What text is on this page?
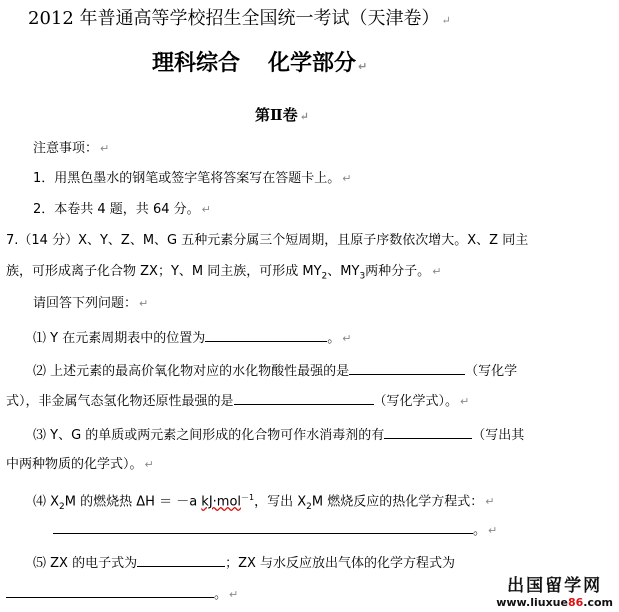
2012 年普通高等学校招生全国统一考试（天津卷） ↵
理科综合 化学部分 ↵
第Ⅱ卷 ↵
注意事项： ↵
1．用黑色墨水的钢笔或签字笔将答案写在答题卡上。 ↵
2．本卷共 4 题，共 64 分。 ↵
7.（14 分）X、Y、Z、M、G 五种元素分属三个短周期，且原子序数依次增大。X、Z 同主
族，可形成离子化合物 ZX；Y、M 同主族，可形成 $MY_2$、$MY_3$两种分子。 ↵
请回答下列问题： ↵
⑴ Y 在元素周期表中的位置为	。 ↵
⑵ 上述元素的最高价氧化物对应的水化物酸性最强的是	（写化学
式），非金属气态氢化物还原性最强的是	（写化学式）。 ↵
⑶ Y、G 的单质或两元素之间形成的化合物可作水消毒剂的有	（写出其
中两种物质的化学式）。 ↵
⑷ $X_2M$ 的燃烧热 ΔH ＝ －a kJ·mol$^{-1}$，写出 $X_2M$ 燃烧反应的热化学方程式： ↵
。 ↵
⑸ ZX 的电子式为	；ZX 与水反应放出气体的化学方程式为
。 ↵	出国留学网
www.liuxue86.com
